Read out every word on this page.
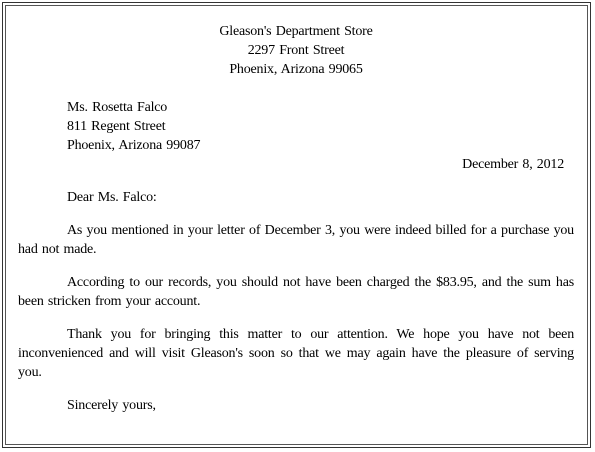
Gleason's Department Store
2297 Front Street
Phoenix, Arizona 99065
Ms. Rosetta Falco
811 Regent Street
Phoenix, Arizona 99087
December 8, 2012
Dear Ms. Falco:
As you mentioned in your letter of December 3, you were indeed billed for a purchase you had not made.
According to our records, you should not have been charged the $83.95, and the sum has been stricken from your account.
Thank you for bringing this matter to our attention. We hope you have not been inconvenienced and will visit Gleason's soon so that we may again have the pleasure of serving you.
Sincerely yours,
